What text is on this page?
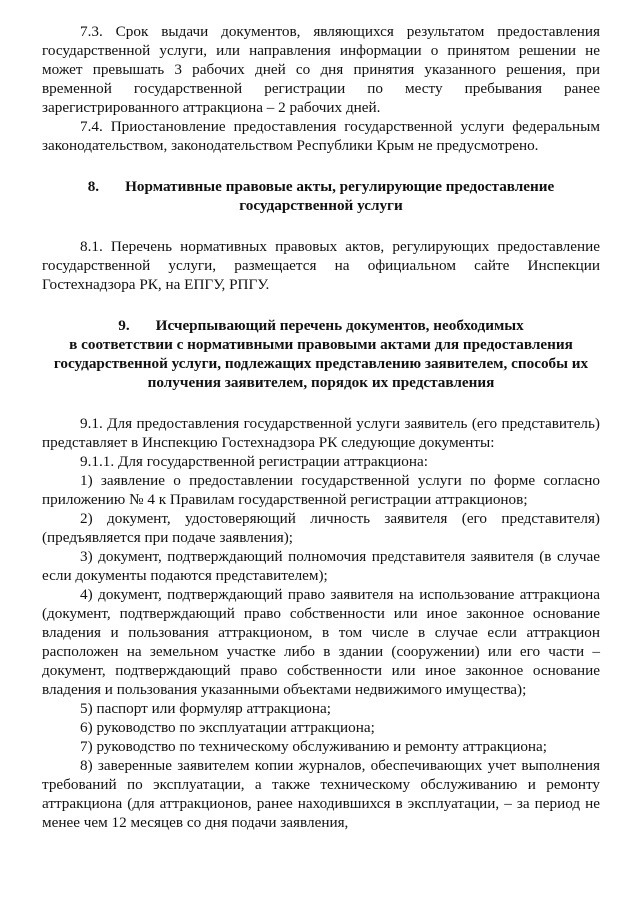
7.3. Срок выдачи документов, являющихся результатом предоставления государственной услуги, или направления информации о принятом решении не может превышать 3 рабочих дней со дня принятия указанного решения, при временной государственной регистрации по месту пребывания ранее зарегистрированного аттракциона – 2 рабочих дней.

7.4. Приостановление предоставления государственной услуги федеральным законодательством, законодательством Республики Крым не предусмотрено.

8. Нормативные правовые акты, регулирующие предоставление
государственной услуги

8.1. Перечень нормативных правовых актов, регулирующих предоставление государственной услуги, размещается на официальном сайте Инспекции Гостехнадзора РК, на ЕПГУ, РПГУ.

9. Исчерпывающий перечень документов, необходимых
в соответствии с нормативными правовыми актами для предоставления
государственной услуги, подлежащих представлению заявителем, способы их
получения заявителем, порядок их представления

9.1. Для предоставления государственной услуги заявитель (его представитель) представляет в Инспекцию Гостехнадзора РК следующие документы:

9.1.1. Для государственной регистрации аттракциона:

1) заявление о предоставлении государственной услуги по форме согласно приложению № 4 к Правилам государственной регистрации аттракционов;

2) документ, удостоверяющий личность заявителя (его представителя) (предъявляется при подаче заявления);

3) документ, подтверждающий полномочия представителя заявителя (в случае если документы подаются представителем);

4) документ, подтверждающий право заявителя на использование аттракциона (документ, подтверждающий право собственности или иное законное основание владения и пользования аттракционом, в том числе в случае если аттракцион расположен на земельном участке либо в здании (сооружении) или его части – документ, подтверждающий право собственности или иное законное основание владения и пользования указанными объектами недвижимого имущества);

5) паспорт или формуляр аттракциона;

6) руководство по эксплуатации аттракциона;

7) руководство по техническому обслуживанию и ремонту аттракциона;

8) заверенные заявителем копии журналов, обеспечивающих учет выполнения требований по эксплуатации, а также техническому обслуживанию и ремонту аттракциона (для аттракционов, ранее находившихся в эксплуатации, – за период не менее чем 12 месяцев со дня подачи заявления,
